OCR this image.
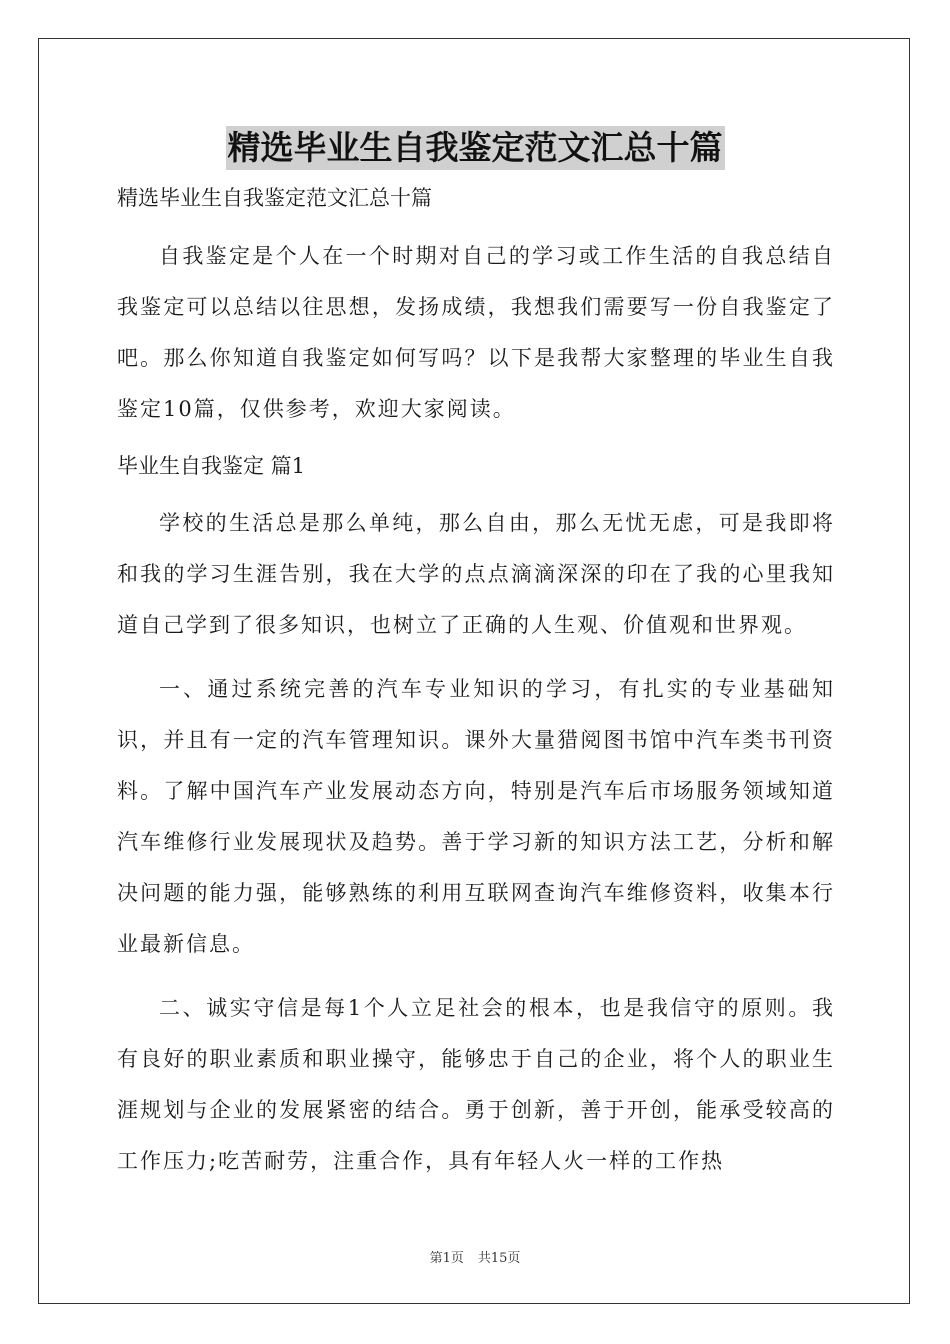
精选毕业生自我鉴定范文汇总十篇
精选毕业生自我鉴定范文汇总十篇
自我鉴定是个人在一个时期对自己的学习或工作生活的自我总结自我鉴定可以总结以往思想，发扬成绩，我想我们需要写一份自我鉴定了吧。那么你知道自我鉴定如何写吗？以下是我帮大家整理的毕业生自我鉴定10篇，仅供参考，欢迎大家阅读。
毕业生自我鉴定 篇1
学校的生活总是那么单纯，那么自由，那么无忧无虑，可是我即将和我的学习生涯告别，我在大学的点点滴滴深深的印在了我的心里我知道自己学到了很多知识，也树立了正确的人生观、价值观和世界观。
一、通过系统完善的汽车专业知识的学习，有扎实的专业基础知识，并且有一定的汽车管理知识。课外大量猎阅图书馆中汽车类书刊资料。了解中国汽车产业发展动态方向，特别是汽车后市场服务领域知道汽车维修行业发展现状及趋势。善于学习新的知识方法工艺，分析和解决问题的能力强，能够熟练的利用互联网查询汽车维修资料，收集本行业最新信息。
二、诚实守信是每1个人立足社会的根本，也是我信守的原则。我有良好的职业素质和职业操守，能够忠于自己的企业，将个人的职业生涯规划与企业的发展紧密的结合。勇于创新，善于开创，能承受较高的工作压力;吃苦耐劳，注重合作，具有年轻人火一样的工作热
第1页 共15页
